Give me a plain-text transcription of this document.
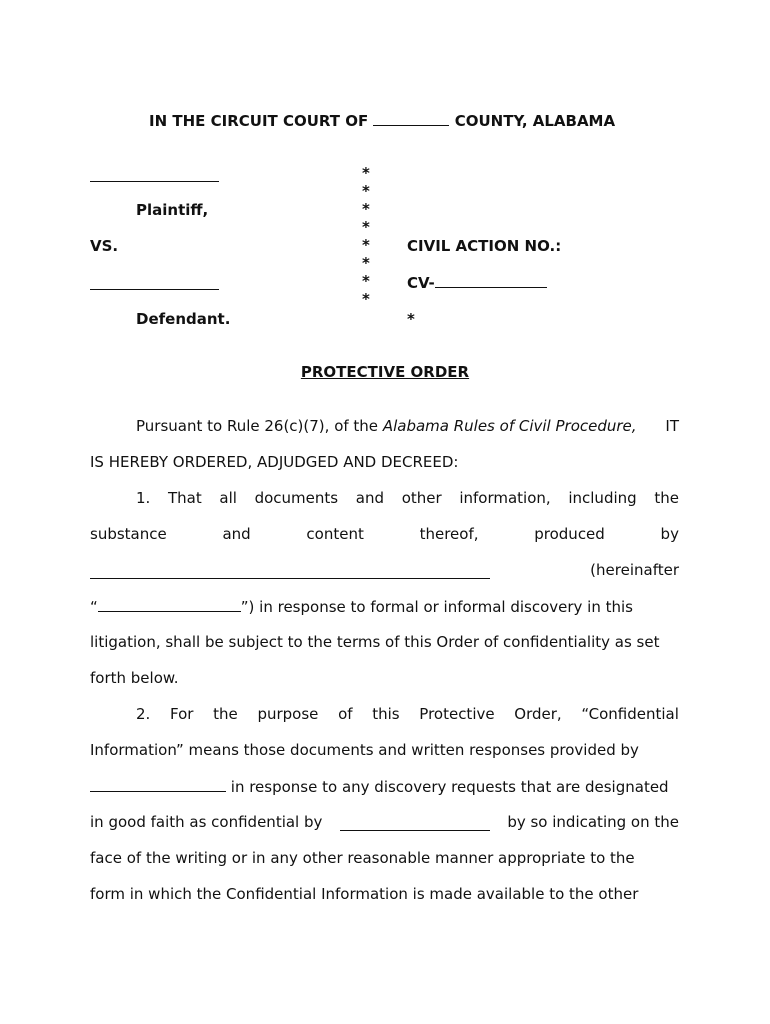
IN THE CIRCUIT COURT OF	COUNTY, ALABAMA
Plaintiff,
VS.
Defendant.
*
*
*
*
*
*
*
*
CIVIL ACTION NO.:
CV-
*
PROTECTIVE ORDER
Pursuant to Rule 26(c)(7), of the
Alabama Rules of Civil Procedure, IT
IS HEREBY ORDERED, ADJUDGED AND DECREED:
1. That all documents and other information, including the
substance	and	content	thereof,	produced	by
(hereinafter
“	”) in response to formal or informal discovery in this
litigation, shall be subject to the terms of this Order of confidentiality as set
forth below.
2. For the purpose of this Protective Order, “Confidential
Information” means those documents and written responses provided by
in response to any discovery requests that are designated
in good faith as confidential by	by so indicating on the
face of the writing or in any other reasonable manner appropriate to the
form in which the Confidential Information is made available to the other
